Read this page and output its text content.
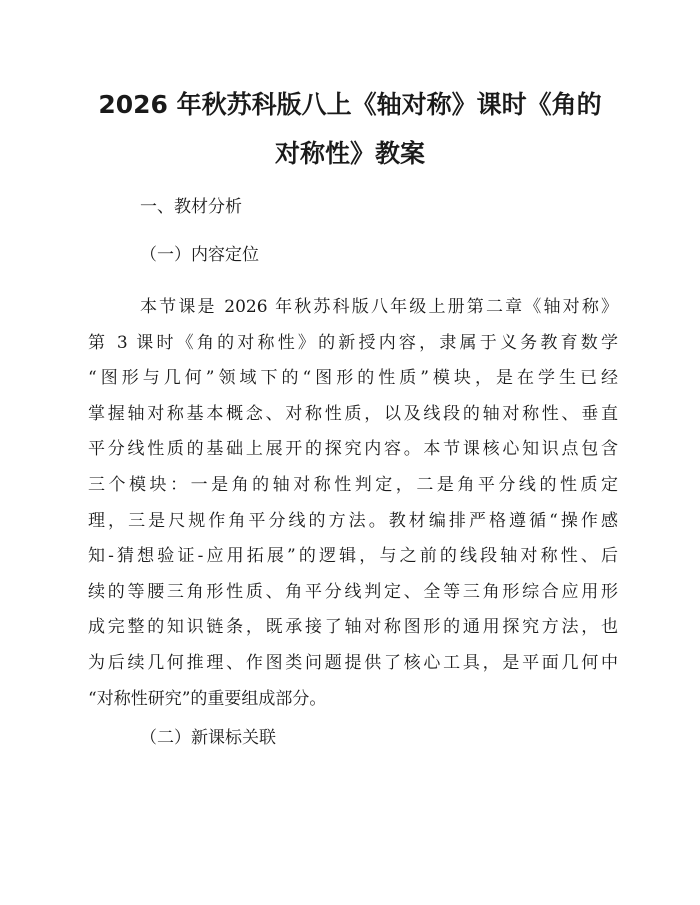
2026 年秋苏科版八上《轴对称》课时《角的
对称性》教案

一、教材分析

（一）内容定位

本节课是 2026 年秋苏科版八年级上册第二章《轴对称》
第 3 课时《角的对称性》的新授内容，隶属于义务教育数学
“图形与几何”领域下的“图形的性质”模块，是在学生已经
掌握轴对称基本概念、对称性质，以及线段的轴对称性、垂直
平分线性质的基础上展开的探究内容。本节课核心知识点包含
三个模块：一是角的轴对称性判定，二是角平分线的性质定
理，三是尺规作角平分线的方法。教材编排严格遵循“操作感
知-猜想验证-应用拓展”的逻辑，与之前的线段轴对称性、后
续的等腰三角形性质、角平分线判定、全等三角形综合应用形
成完整的知识链条，既承接了轴对称图形的通用探究方法，也
为后续几何推理、作图类问题提供了核心工具，是平面几何中
“对称性研究”的重要组成部分。

（二）新课标关联
